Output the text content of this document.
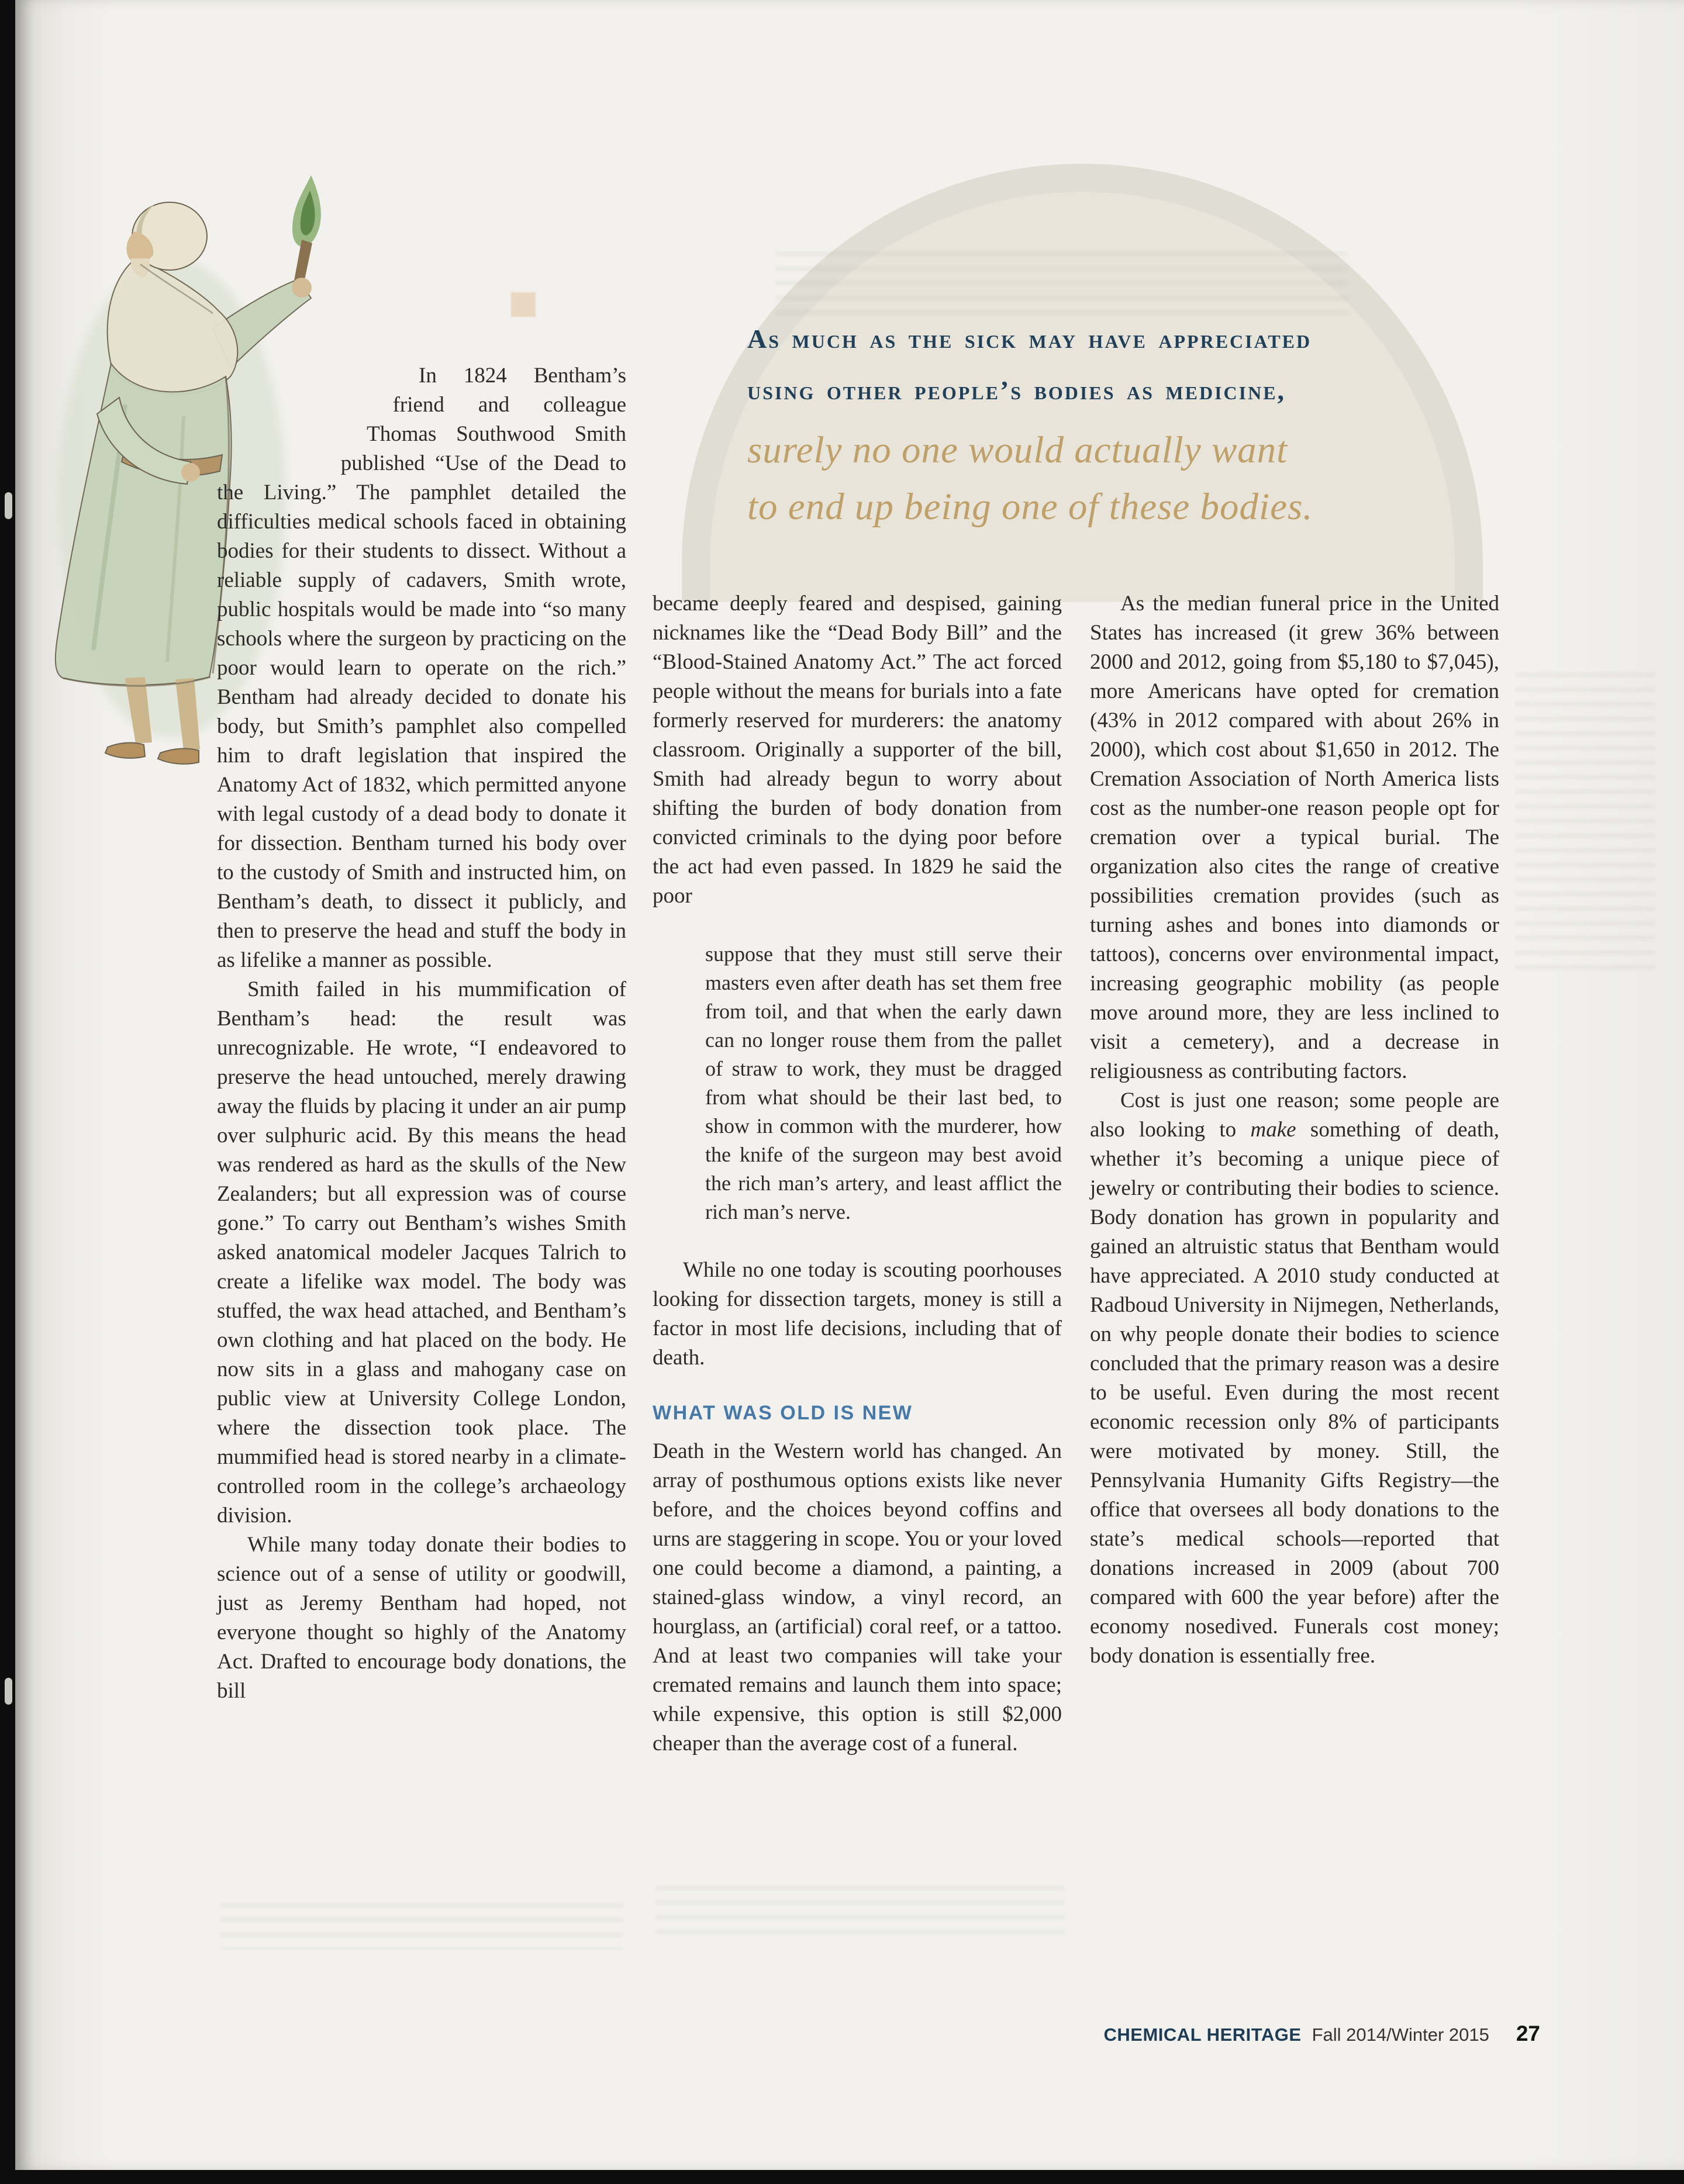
As much as the sick may have appreciated
using other people’s bodies as medicine,
surely no one would actually want
to end up being one of these bodies.

In 1824 Bentham’s friend and colleague Thomas Southwood Smith published “Use of the Dead to the Living.” The pamphlet detailed the difficulties medical schools faced in obtaining bodies for their students to dissect. Without a reliable supply of cadavers, Smith wrote, public hospitals would be made into “so many schools where the surgeon by practicing on the poor would learn to operate on the rich.” Bentham had already decided to donate his body, but Smith’s pamphlet also compelled him to draft legislation that inspired the Anatomy Act of 1832, which permitted anyone with legal custody of a dead body to donate it for dissection. Bentham turned his body over to the custody of Smith and instructed him, on Bentham’s death, to dissect it publicly, and then to preserve the head and stuff the body in as lifelike a manner as possible.

Smith failed in his mummification of Bentham’s head: the result was unrecognizable. He wrote, “I endeavored to preserve the head untouched, merely drawing away the fluids by placing it under an air pump over sulphuric acid. By this means the head was rendered as hard as the skulls of the New Zealanders; but all expression was of course gone.” To carry out Bentham’s wishes Smith asked anatomical modeler Jacques Talrich to create a lifelike wax model. The body was stuffed, the wax head attached, and Bentham’s own clothing and hat placed on the body. He now sits in a glass and mahogany case on public view at University College London, where the dissection took place. The mummified head is stored nearby in a climate-controlled room in the college’s archaeology division.

While many today donate their bodies to science out of a sense of utility or goodwill, just as Jeremy Bentham had hoped, not everyone thought so highly of the Anatomy Act. Drafted to encourage body donations, the bill

became deeply feared and despised, gaining nicknames like the “Dead Body Bill” and the “Blood-Stained Anatomy Act.” The act forced people without the means for burials into a fate formerly reserved for murderers: the anatomy classroom. Originally a supporter of the bill, Smith had already begun to worry about shifting the burden of body donation from convicted criminals to the dying poor before the act had even passed. In 1829 he said the poor

suppose that they must still serve their masters even after death has set them free from toil, and that when the early dawn can no longer rouse them from the pallet of straw to work, they must be dragged from what should be their last bed, to show in common with the murderer, how the knife of the surgeon may best avoid the rich man’s artery, and least afflict the rich man’s nerve.

While no one today is scouting poorhouses looking for dissection targets, money is still a factor in most life decisions, including that of death.

WHAT WAS OLD IS NEW

Death in the Western world has changed. An array of posthumous options exists like never before, and the choices beyond coffins and urns are staggering in scope. You or your loved one could become a diamond, a painting, a stained-glass window, a vinyl record, an hourglass, an (artificial) coral reef, or a tattoo. And at least two companies will take your cremated remains and launch them into space; while expensive, this option is still $2,000 cheaper than the average cost of a funeral.

As the median funeral price in the United States has increased (it grew 36% between 2000 and 2012, going from $5,180 to $7,045), more Americans have opted for cremation (43% in 2012 compared with about 26% in 2000), which cost about $1,650 in 2012. The Cremation Association of North America lists cost as the number-one reason people opt for cremation over a typical burial. The organization also cites the range of creative possibilities cremation provides (such as turning ashes and bones into diamonds or tattoos), concerns over environmental impact, increasing geographic mobility (as people move around more, they are less inclined to visit a cemetery), and a decrease in religiousness as contributing factors.

Cost is just one reason; some people are also looking to make something of death, whether it’s becoming a unique piece of jewelry or contributing their bodies to science. Body donation has grown in popularity and gained an altruistic status that Bentham would have appreciated. A 2010 study conducted at Radboud University in Nijmegen, Netherlands, on why people donate their bodies to science concluded that the primary reason was a desire to be useful. Even during the most recent economic recession only 8% of participants were motivated by money. Still, the Pennsylvania Humanity Gifts Registry—the office that oversees all body donations to the state’s medical schools—reported that donations increased in 2009 (about 700 compared with 600 the year before) after the economy nosedived. Funerals cost money; body donation is essentially free.

CHEMICAL HERITAGE Fall 2014/Winter 2015 27
